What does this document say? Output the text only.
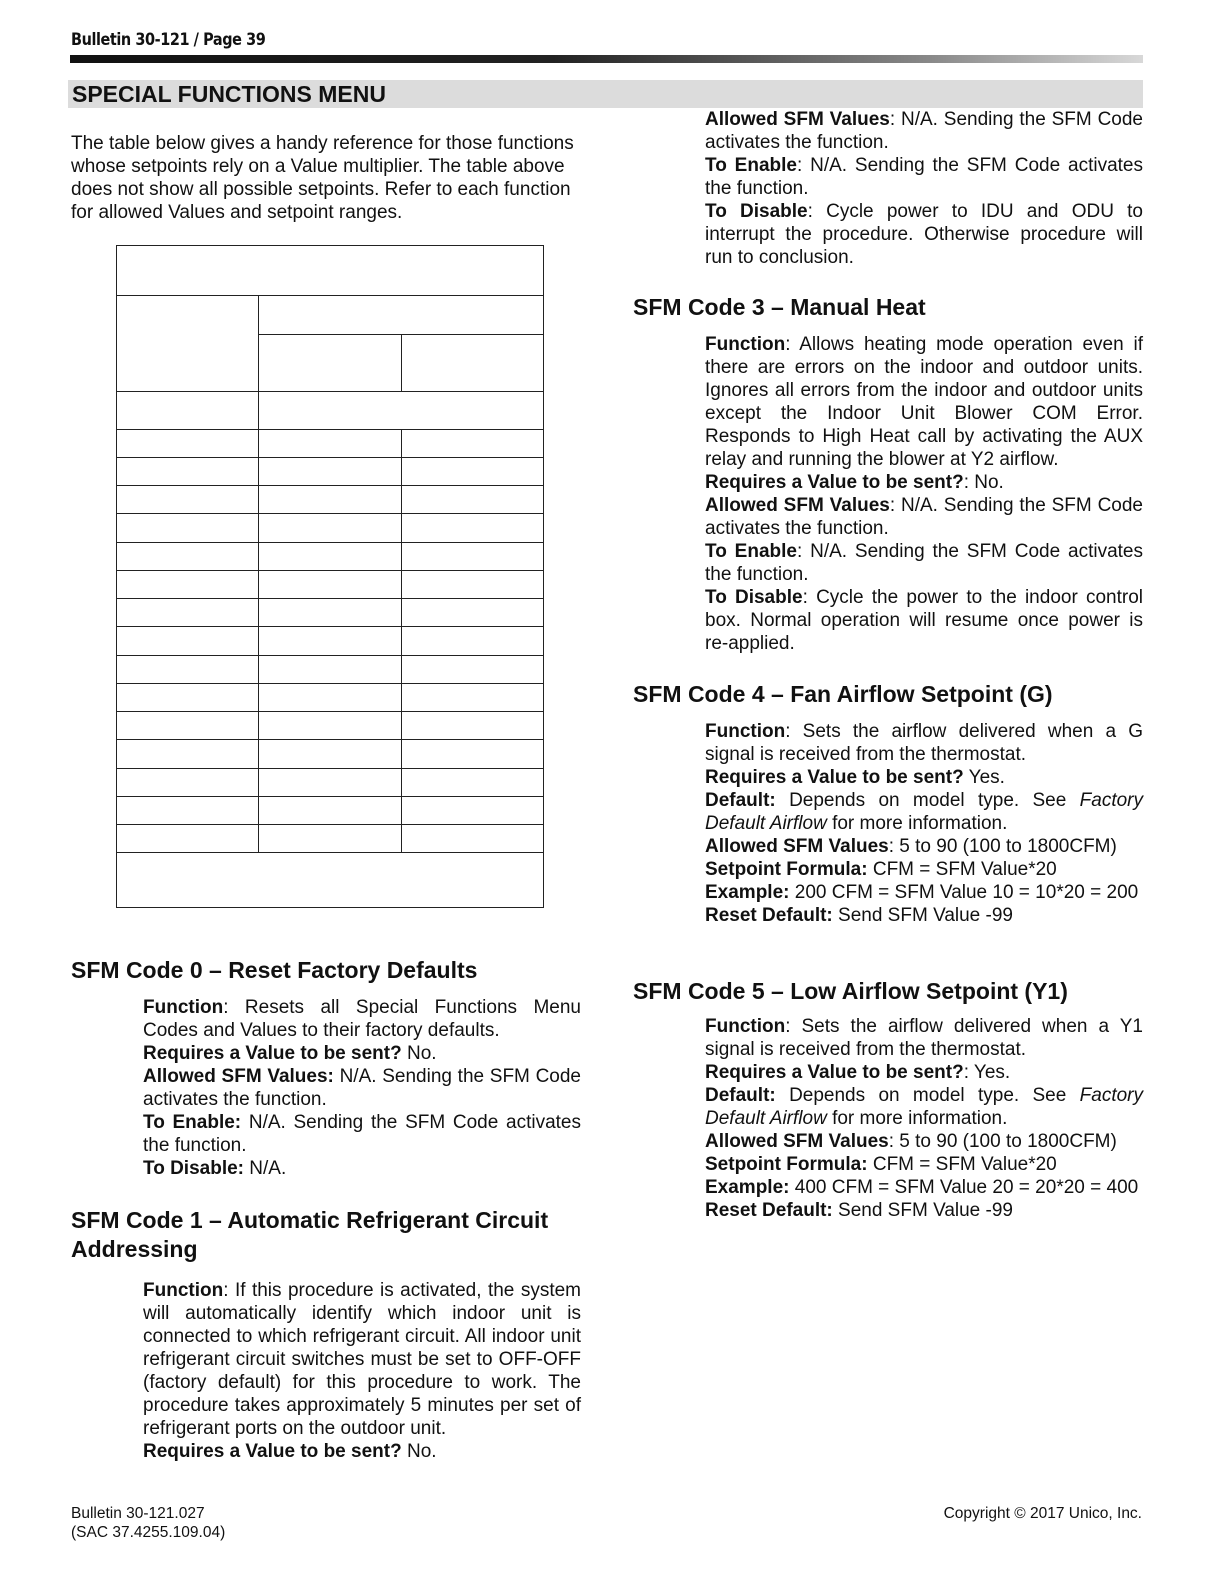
Bulletin 30-121 / Page 39
SPECIAL FUNCTIONS MENU

The table below gives a handy reference for those functions whose setpoints rely on a Value multiplier. The table above does not show all possible setpoints. Refer to each function for allowed Values and setpoint ranges.

SFM Code 0 – Reset Factory Defaults

Function: Resets all Special Functions Menu Codes and Values to their factory defaults.

Requires a Value to be sent? No.

Allowed SFM Values: N/A. Sending the SFM Code activates the function.

To Enable: N/A. Sending the SFM Code activates the function.

To Disable: N/A.

SFM Code 1 – Automatic Refrigerant Circuit Addressing

Function: If this procedure is activated, the system will automatically identify which indoor unit is connected to which refrigerant circuit. All indoor unit refrigerant circuit switches must be set to OFF-OFF (factory default) for this procedure to work. The procedure takes approximately 5 minutes per set of refrigerant ports on the outdoor unit.

Requires a Value to be sent? No.

Allowed SFM Values: N/A. Sending the SFM Code activates the function.

To Enable: N/A. Sending the SFM Code activates the function.

To Disable: Cycle power to IDU and ODU to interrupt the procedure. Otherwise procedure will run to conclusion.

SFM Code 3 – Manual Heat

Function: Allows heating mode operation even if there are errors on the indoor and outdoor units. Ignores all errors from the indoor and outdoor units except the Indoor Unit Blower COM Error. Responds to High Heat call by activating the AUX relay and running the blower at Y2 airflow.

Requires a Value to be sent?: No.

Allowed SFM Values: N/A. Sending the SFM Code activates the function.

To Enable: N/A. Sending the SFM Code activates the function.

To Disable: Cycle the power to the indoor control box. Normal operation will resume once power is re-applied.

SFM Code 4 – Fan Airflow Setpoint (G)

Function: Sets the airflow delivered when a G signal is received from the thermostat.

Requires a Value to be sent? Yes.

Default: Depends on model type. See Factory Default Airflow for more information.

Allowed SFM Values: 5 to 90 (100 to 1800CFM)

Setpoint Formula: CFM = SFM Value*20

Example: 200 CFM = SFM Value 10 = 10*20 = 200

Reset Default: Send SFM Value -99

SFM Code 5 – Low Airflow Setpoint (Y1)

Function: Sets the airflow delivered when a Y1 signal is received from the thermostat.

Requires a Value to be sent?: Yes.

Default: Depends on model type. See Factory Default Airflow for more information.

Allowed SFM Values: 5 to 90 (100 to 1800CFM)

Setpoint Formula: CFM = SFM Value*20

Example: 400 CFM = SFM Value 20 = 20*20 = 400

Reset Default: Send SFM Value -99

Bulletin 30-121.027
(SAC 37.4255.109.04)
Copyright © 2017 Unico, Inc.
